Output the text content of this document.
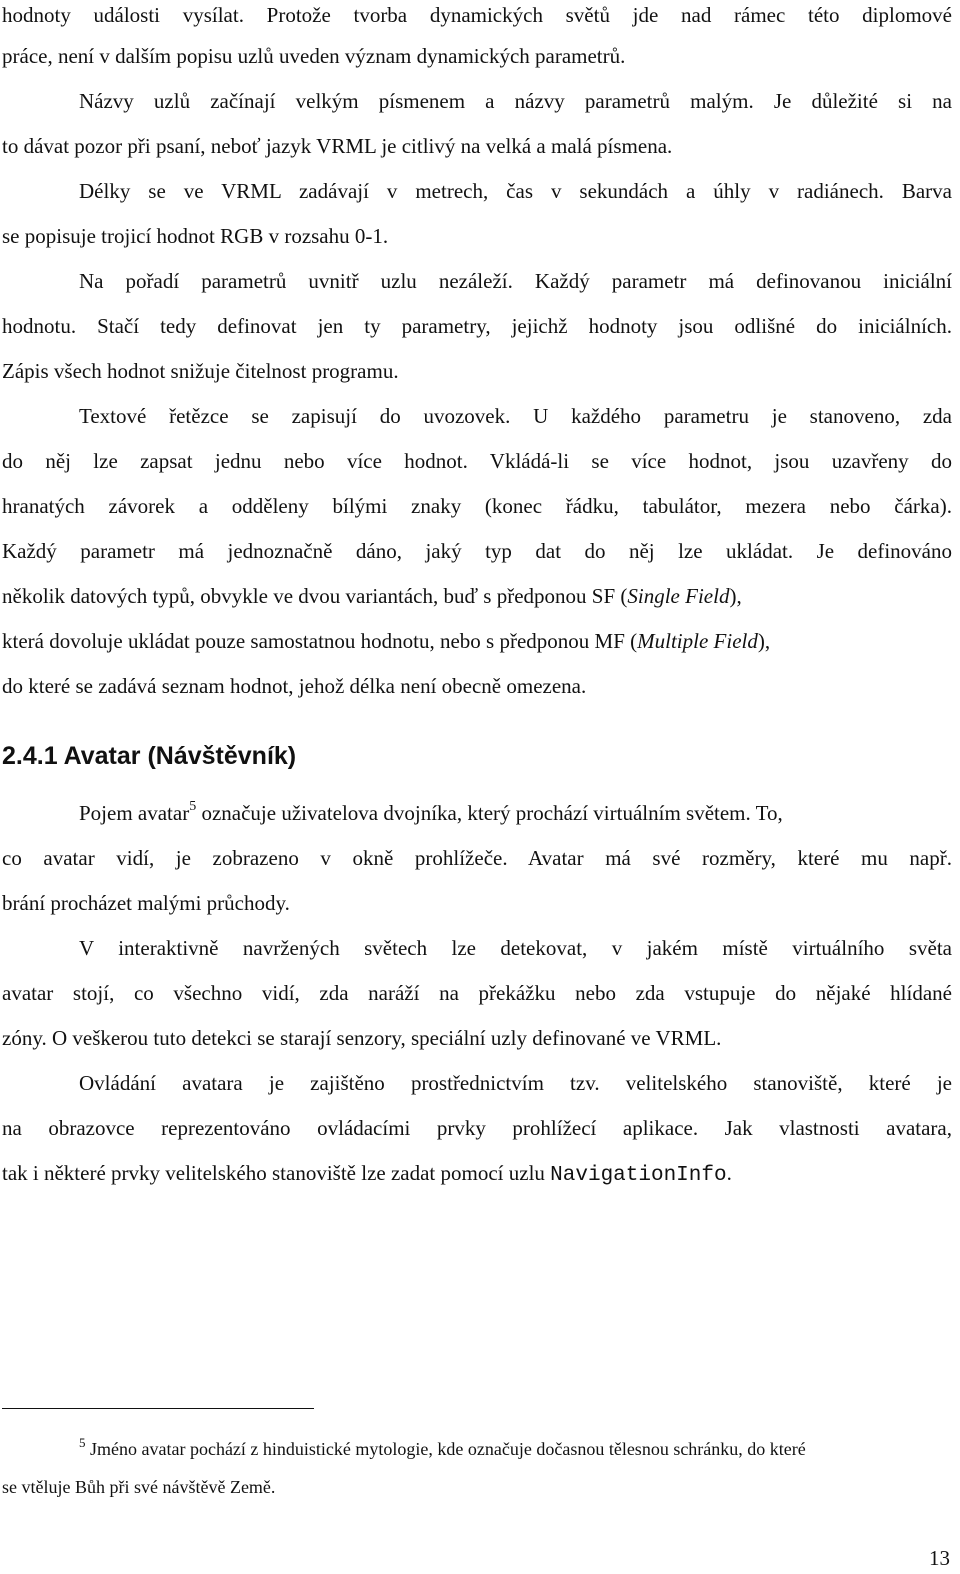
hodnoty události vysílat. Protože tvorba dynamických světů jde nad rámec této diplomové
práce, není v dalším popisu uzlů uveden význam dynamických parametrů.
Názvy uzlů začínají velkým písmenem a názvy parametrů malým. Je důležité si na
to dávat pozor při psaní, neboť jazyk VRML je citlivý na velká a malá písmena.
Délky se ve VRML zadávají v metrech, čas v sekundách a úhly v radiánech. Barva
se popisuje trojicí hodnot RGB v rozsahu 0-1.
Na pořadí parametrů uvnitř uzlu nezáleží. Každý parametr má definovanou iniciální
hodnotu. Stačí tedy definovat jen ty parametry, jejichž hodnoty jsou odlišné do iniciálních.
Zápis všech hodnot snižuje čitelnost programu.
Textové řetězce se zapisují do uvozovek. U každého parametru je stanoveno, zda
do něj lze zapsat jednu nebo více hodnot. Vkládá-li se více hodnot, jsou uzavřeny do
hranatých závorek a odděleny bílými znaky (konec řádku, tabulátor, mezera nebo čárka).
Každý parametr má jednoznačně dáno, jaký typ dat do něj lze ukládat. Je definováno
několik datových typů, obvykle ve dvou variantách, buď s předponou SF (Single Field),
která dovoluje ukládat pouze samostatnou hodnotu, nebo s předponou MF (Multiple Field),
do které se zadává seznam hodnot, jehož délka není obecně omezena.
2.4.1 Avatar (Návštěvník)
Pojem avatar$^5$ označuje uživatelova dvojníka, který prochází virtuálním světem. To,
co avatar vidí, je zobrazeno v okně prohlížeče. Avatar má své rozměry, které mu např.
brání procházet malými průchody.
V interaktivně navržených světech lze detekovat, v jakém místě virtuálního světa
avatar stojí, co všechno vidí, zda naráží na překážku nebo zda vstupuje do nějaké hlídané
zóny. O veškerou tuto detekci se starají senzory, speciální uzly definované ve VRML.
Ovládání avatara je zajištěno prostřednictvím tzv. velitelského stanoviště, které je
na obrazovce reprezentováno ovládacími prvky prohlížecí aplikace. Jak vlastnosti avatara,
tak i některé prvky velitelského stanoviště lze zadat pomocí uzlu NavigationInfo.
$^5$ Jméno avatar pochází z hinduistické mytologie, kde označuje dočasnou tělesnou schránku, do které
se vtěluje Bůh při své návštěvě Země.
13
